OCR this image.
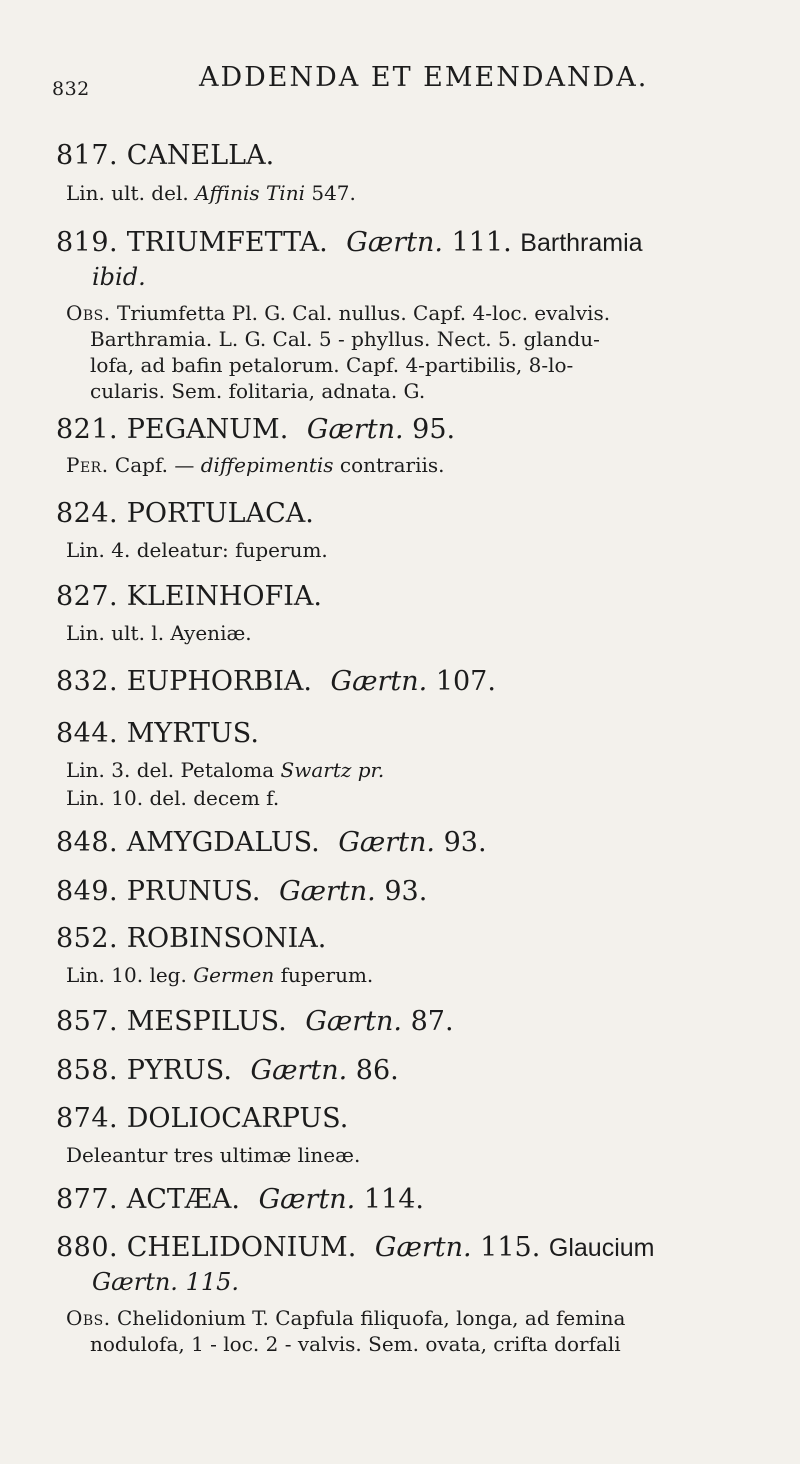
832	ADDENDA ET EMENDANDA.
817. CANELLA.
Lin. ult. del. Affinis Tini 547.
819. TRIUMFETTA. Gærtn. 111. Barthramia
ibid.
Obs. Triumfetta Pl. G. Cal. nullus. Capf. 4-loc. evalvis.
Barthramia. L. G. Cal. 5 - phyllus. Nect. 5. glandu-
lofa, ad bafin petalorum. Capf. 4-partibilis, 8-lo-
cularis. Sem. folitaria, adnata. G.
821. PEGANUM. Gærtn. 95.
Per. Capf. — diffepimentis contrariis.
824. PORTULACA.
Lin. 4. deleatur: fuperum.
827. KLEINHOFIA.
Lin. ult. l. Ayeniæ.
832. EUPHORBIA. Gærtn. 107.
844. MYRTUS.
Lin. 3. del. Petaloma Swartz pr.
Lin. 10. del. decem f.
848. AMYGDALUS. Gærtn. 93.
849. PRUNUS. Gærtn. 93.
852. ROBINSONIA.
Lin. 10. leg. Germen fuperum.
857. MESPILUS. Gærtn. 87.
858. PYRUS. Gærtn. 86.
874. DOLIOCARPUS.
Deleantur tres ultimæ lineæ.
877. ACTÆA. Gærtn. 114.
880. CHELIDONIUM. Gærtn. 115. Glaucium
Gærtn. 115.
Obs. Chelidonium T. Capfula filiquofa, longa, ad femina
nodulofa, 1 - loc. 2 - valvis. Sem. ovata, crifta dorfali
